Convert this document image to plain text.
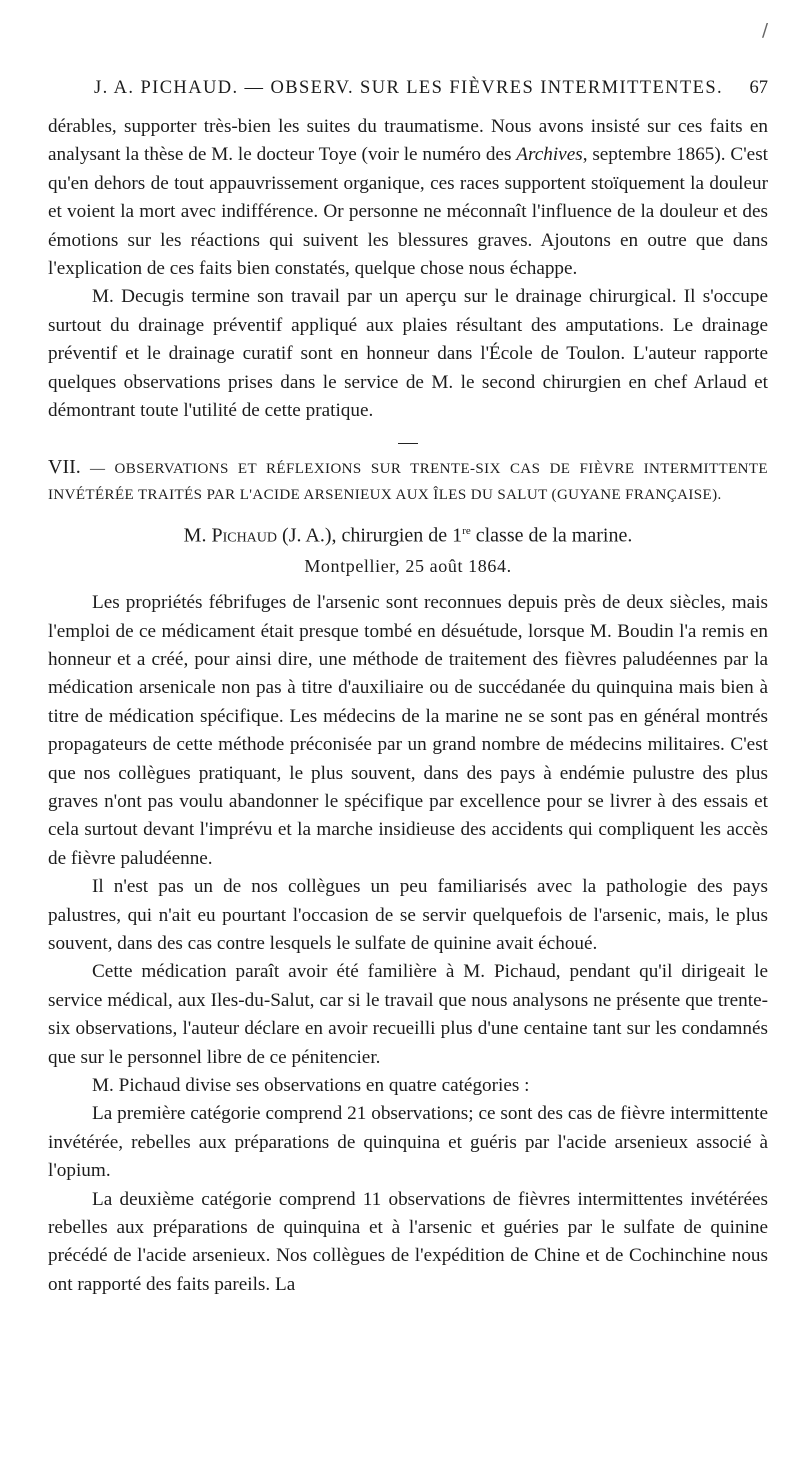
/
J. A. PICHAUD. — OBSERV. SUR LES FIÈVRES INTERMITTENTES. 67

dérables, supporter très-bien les suites du traumatisme. Nous avons insisté sur ces faits en analysant la thèse de M. le docteur Toye (voir le numéro des Archives, septembre 1865). C'est qu'en dehors de tout appauvrissement organique, ces races supportent stoïquement la douleur et voient la mort avec indifférence. Or personne ne méconnaît l'influence de la douleur et des émotions sur les réactions qui suivent les blessures graves. Ajoutons en outre que dans l'explication de ces faits bien constatés, quelque chose nous échappe.

M. Decugis termine son travail par un aperçu sur le drainage chirurgical. Il s'occupe surtout du drainage préventif appliqué aux plaies résultant des amputations. Le drainage préventif et le drainage curatif sont en honneur dans l'École de Toulon. L'auteur rapporte quelques observations prises dans le service de M. le second chirurgien en chef Arlaud et démontrant toute l'utilité de cette pratique.

VII. — OBSERVATIONS ET RÉFLEXIONS SUR TRENTE-SIX CAS DE FIÈVRE INTERMITTENTE INVÉTÉRÉE TRAITÉS PAR L'ACIDE ARSENIEUX AUX ÎLES DU SALUT (GUYANE FRANÇAISE).
M. Pichaud (J. A.), chirurgien de 1re classe de la marine.
Montpellier, 25 août 1864.

Les propriétés fébrifuges de l'arsenic sont reconnues depuis près de deux siècles, mais l'emploi de ce médicament était presque tombé en désuétude, lorsque M. Boudin l'a remis en honneur et a créé, pour ainsi dire, une méthode de traitement des fièvres paludéennes par la médication arsenicale non pas à titre d'auxiliaire ou de succédanée du quinquina mais bien à titre de médication spécifique. Les médecins de la marine ne se sont pas en général montrés propagateurs de cette méthode préconisée par un grand nombre de médecins militaires. C'est que nos collègues pratiquant, le plus souvent, dans des pays à endémie pulustre des plus graves n'ont pas voulu abandonner le spécifique par excellence pour se livrer à des essais et cela surtout devant l'imprévu et la marche insidieuse des accidents qui compliquent les accès de fièvre paludéenne.

Il n'est pas un de nos collègues un peu familiarisés avec la pathologie des pays palustres, qui n'ait eu pourtant l'occasion de se servir quelquefois de l'arsenic, mais, le plus souvent, dans des cas contre lesquels le sulfate de quinine avait échoué.

Cette médication paraît avoir été familière à M. Pichaud, pendant qu'il dirigeait le service médical, aux Iles-du-Salut, car si le travail que nous analysons ne présente que trente-six observations, l'auteur déclare en avoir recueilli plus d'une centaine tant sur les condamnés que sur le personnel libre de ce pénitencier.

M. Pichaud divise ses observations en quatre catégories :

La première catégorie comprend 21 observations; ce sont des cas de fièvre intermittente invétérée, rebelles aux préparations de quinquina et guéris par l'acide arsenieux associé à l'opium.

La deuxième catégorie comprend 11 observations de fièvres intermittentes invétérées rebelles aux préparations de quinquina et à l'arsenic et guéries par le sulfate de quinine précédé de l'acide arsenieux. Nos collègues de l'expédition de Chine et de Cochinchine nous ont rapporté des faits pareils. La
